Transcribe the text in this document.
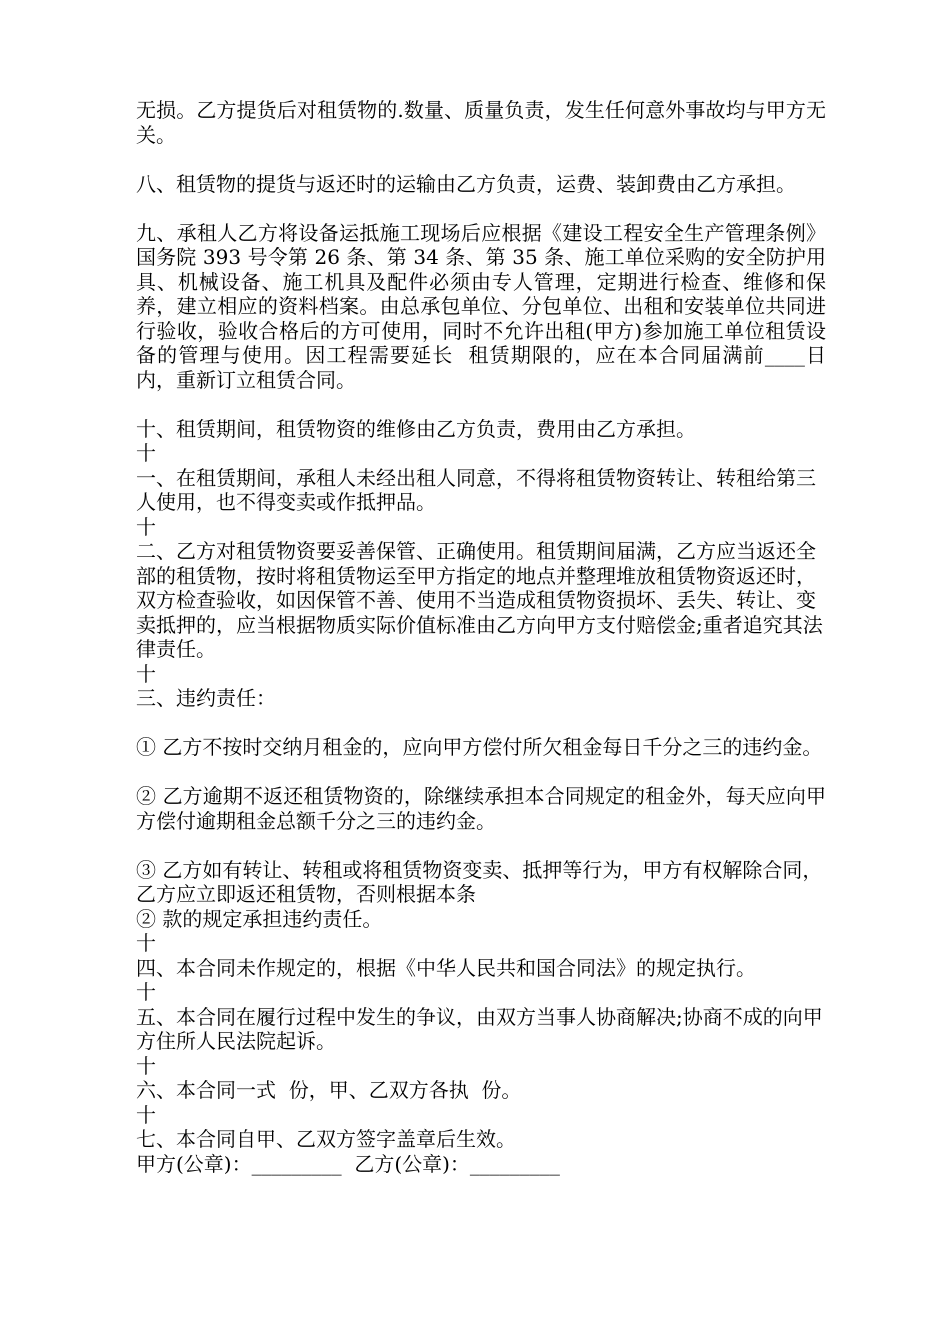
无损。乙方提货后对租赁物的.数量、质量负责，发生任何意外事故均与甲方无关。

八、租赁物的提货与返还时的运输由乙方负责，运费、装卸费由乙方承担。

九、承租人乙方将设备运抵施工现场后应根据《建设工程安全生产管理条例》国务院 393 号令第 26 条、第 34 条、第 35 条、施工单位采购的安全防护用具、机械设备、施工机具及配件必须由专人管理，定期进行检查、维修和保养，建立相应的资料档案。由总承包单位、分包单位、出租和安装单位共同进行验收，验收合格后的方可使用，同时不允许出租(甲方)参加施工单位租赁设备的管理与使用。因工程需要延长  租赁期限的，应在本合同届满前____日内，重新订立租赁合同。

十、租赁期间，租赁物资的维修由乙方负责，费用由乙方承担。

十

一、在租赁期间，承租人未经出租人同意，不得将租赁物资转让、转租给第三人使用，也不得变卖或作抵押品。

十

二、乙方对租赁物资要妥善保管、正确使用。租赁期间届满，乙方应当返还全部的租赁物，按时将租赁物运至甲方指定的地点并整理堆放租赁物资返还时，双方检查验收，如因保管不善、使用不当造成租赁物资损坏、丢失、转让、变卖抵押的，应当根据物质实际价值标准由乙方向甲方支付赔偿金;重者追究其法律责任。

十

三、违约责任：

① 乙方不按时交纳月租金的，应向甲方偿付所欠租金每日千分之三的违约金。

② 乙方逾期不返还租赁物资的，除继续承担本合同规定的租金外，每天应向甲方偿付逾期租金总额千分之三的违约金。

③ 乙方如有转让、转租或将租赁物资变卖、抵押等行为，甲方有权解除合同，乙方应立即返还租赁物，否则根据本条

② 款的规定承担违约责任。

十

四、本合同未作规定的，根据《中华人民共和国合同法》的规定执行。

十

五、本合同在履行过程中发生的争议，由双方当事人协商解决;协商不成的向甲方住所人民法院起诉。

十

六、本合同一式  份，甲、乙双方各执  份。

十

七、本合同自甲、乙双方签字盖章后生效。

甲方(公章)：_________  乙方(公章)：_________
